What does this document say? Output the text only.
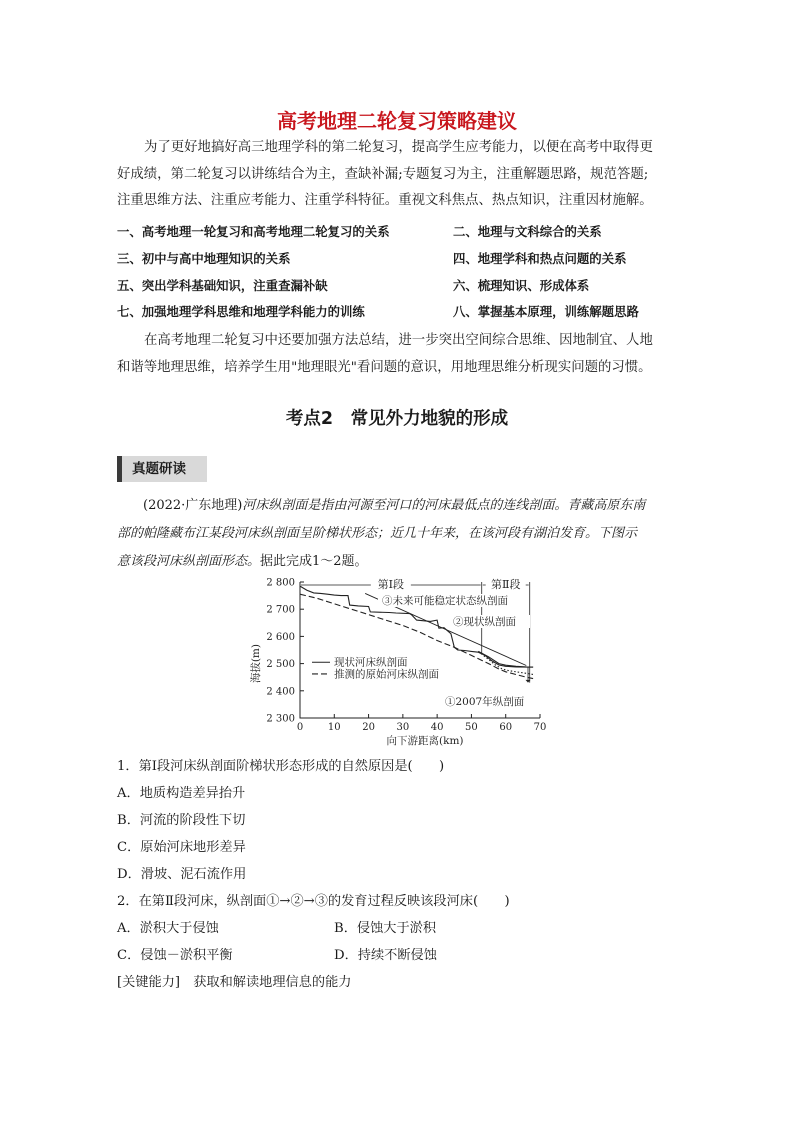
高考地理二轮复习策略建议

为了更好地搞好高三地理学科的第二轮复习，提高学生应考能力，以便在高考中取得更
好成绩，第二轮复习以讲练结合为主，查缺补漏;专题复习为主，注重解题思路，规范答题;
注重思维方法、注重应考能力、注重学科特征。重视文科焦点、热点知识，注重因材施解。

一、高考地理一轮复习和高考地理二轮复习的关系	二、地理与文科综合的关系
三、初中与高中地理知识的关系	四、地理学科和热点问题的关系
五、突出学科基础知识，注重查漏补缺	六、梳理知识、形成体系
七、加强地理学科思维和地理学科能力的训练	八、掌握基本原理，训练解题思路

在高考地理二轮复习中还要加强方法总结，进一步突出空间综合思维、因地制宜、人地
和谐等地理思维，培养学生用"地理眼光"看问题的意识，用地理思维分析现实问题的习惯。

考点2　常见外力地貌的形成
真题研读

(2022·广东地理)河床纵剖面是指由河源至河口的河床最低点的连线剖面。青藏高原东南
部的帕隆藏布江某段河床纵剖面呈阶梯状形态；近几十年来，在该河段有湖泊发育。下图示
意该段河床纵剖面形态。据此完成1～2题。

2 300
2 400
2 500
2 600
2 700
2 800
0 10 20 30 40 50 60 70
向下游距离(km)
海拔(m)
第Ⅰ段	第Ⅱ段
③未来可能稳定状态纵剖面
②现状纵剖面
①2007年纵剖面
现状河床纵剖面
推测的原始河床纵剖面
1．第Ⅰ段河床纵剖面阶梯状形态形成的自然原因是(　　)
A．地质构造差异抬升
B．河流的阶段性下切
C．原始河床地形差异
D．滑坡、泥石流作用
2．在第Ⅱ段河床，纵剖面①→②→③的发育过程反映该段河床(　　)
A．淤积大于侵蚀	B．侵蚀大于淤积
C．侵蚀－淤积平衡	D．持续不断侵蚀
[关键能力]　获取和解读地理信息的能力
